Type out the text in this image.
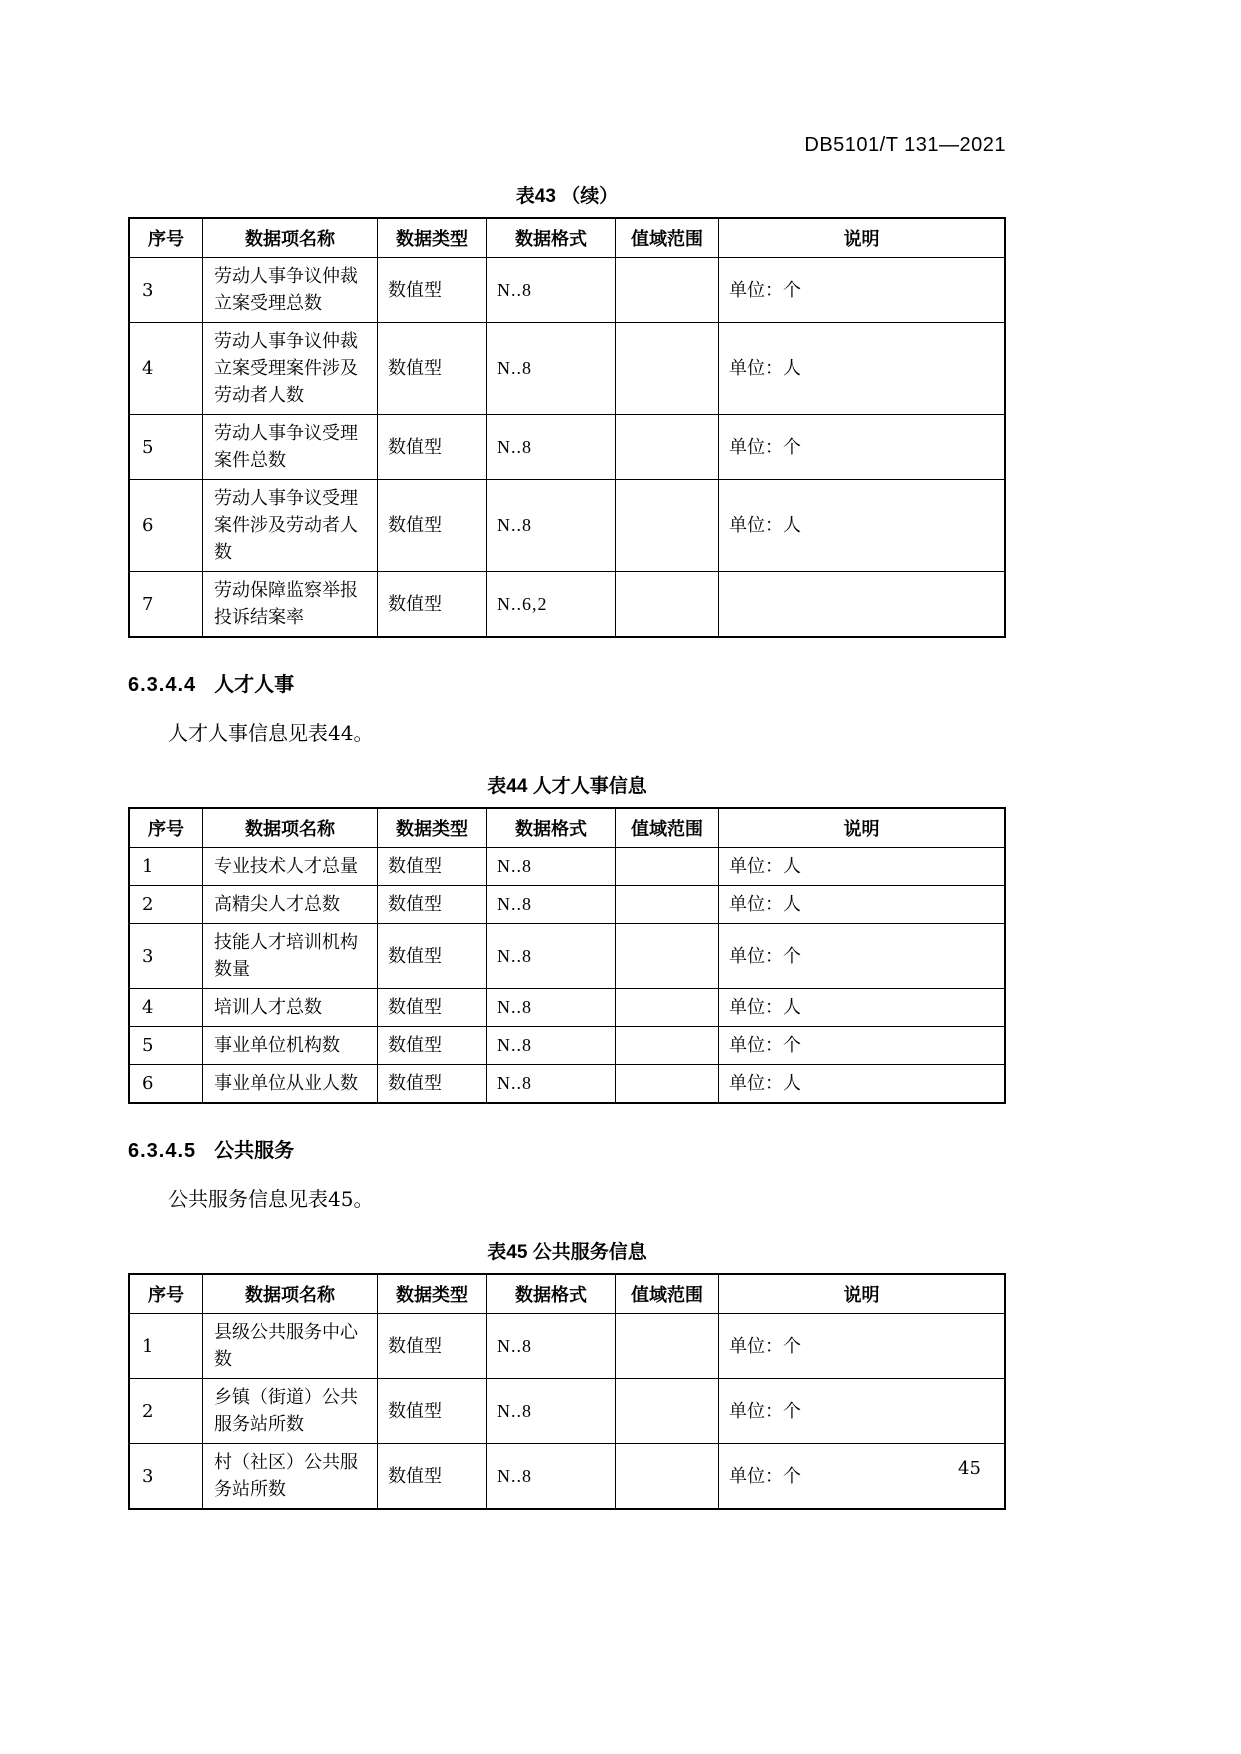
DB5101/T 131—2021
表43 （续）
序号	数据项名称	数据类型	数据格式	值域范围	说明
3	劳动人事争议仲裁立案受理总数	数值型	N..8		单位：个
4	劳动人事争议仲裁立案受理案件涉及劳动者人数	数值型	N..8		单位：人
5	劳动人事争议受理案件总数	数值型	N..8		单位：个
6	劳动人事争议受理案件涉及劳动者人数	数值型	N..8		单位：人
7	劳动保障监察举报投诉结案率	数值型	N..6,2		
6.3.4.4 人才人事

人才人事信息见表44。

表44 人才人事信息
序号	数据项名称	数据类型	数据格式	值域范围	说明
1	专业技术人才总量	数值型	N..8		单位：人
2	高精尖人才总数	数值型	N..8		单位：人
3	技能人才培训机构数量	数值型	N..8		单位：个
4	培训人才总数	数值型	N..8		单位：人
5	事业单位机构数	数值型	N..8		单位：个
6	事业单位从业人数	数值型	N..8		单位：人
6.3.4.5 公共服务

公共服务信息见表45。

表45 公共服务信息
序号	数据项名称	数据类型	数据格式	值域范围	说明
1	县级公共服务中心数	数值型	N..8		单位：个
2	乡镇（街道）公共服务站所数	数值型	N..8		单位：个
3	村（社区）公共服务站所数	数值型	N..8		单位：个	45
